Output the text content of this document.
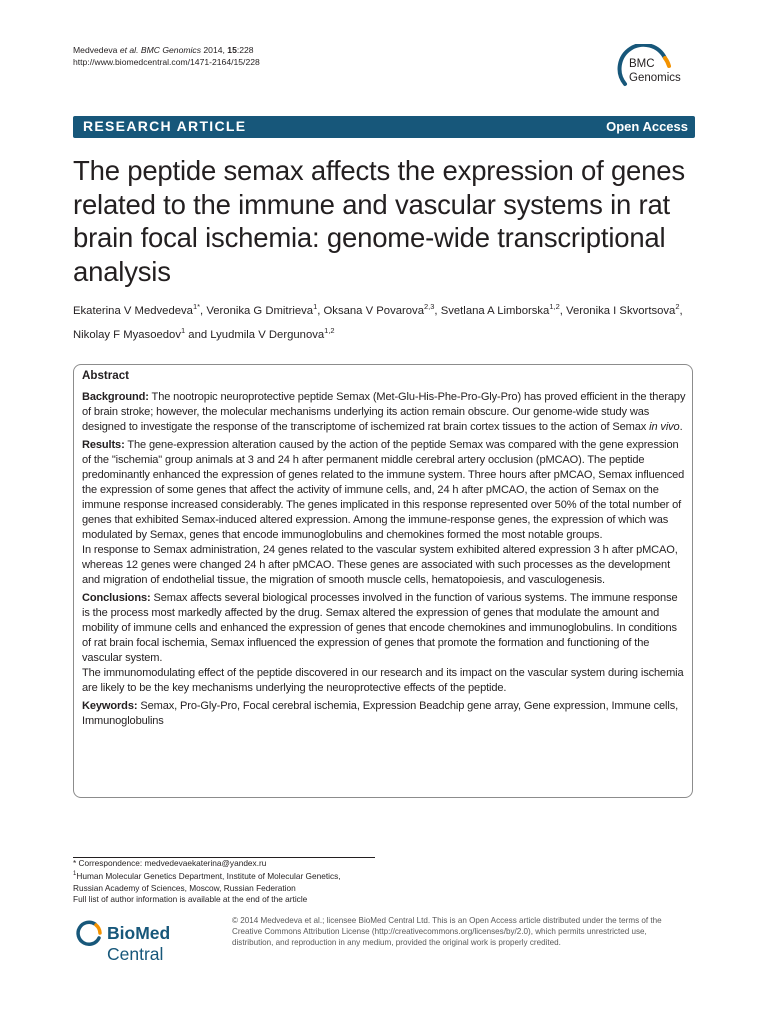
Medvedeva et al. BMC Genomics 2014, 15:228
http://www.biomedcentral.com/1471-2164/15/228	BMC
Genomics
RESEARCH ARTICLE	Open Access
The peptide semax affects the expression of genes related to the immune and vascular systems in rat brain focal ischemia: genome-wide transcriptional analysis
Ekaterina V Medvedeva$^{1*}$, Veronika G Dmitrieva$^1$, Oksana V Povarova$^{2,3}$, Svetlana A Limborska$^{1,2}$, Veronika I Skvortsova$^2$,
Nikolay F Myasoedov$^1$ and Lyudmila V Dergunova$^{1,2}$
Abstract

Background: The nootropic neuroprotective peptide Semax (Met-Glu-His-Phe-Pro-Gly-Pro) has proved efficient in the therapy of brain stroke; however, the molecular mechanisms underlying its action remain obscure. Our genome-wide study was designed to investigate the response of the transcriptome of ischemized rat brain cortex tissues to the action of Semax in vivo.

Results: The gene-expression alteration caused by the action of the peptide Semax was compared with the gene expression of the "ischemia" group animals at 3 and 24 h after permanent middle cerebral artery occlusion (pMCAO). The peptide predominantly enhanced the expression of genes related to the immune system. Three hours after pMCAO, Semax influenced the expression of some genes that affect the activity of immune cells, and, 24 h after pMCAO, the action of Semax on the immune response increased considerably. The genes implicated in this response represented over 50% of the total number of genes that exhibited Semax-induced altered expression. Among the immune-response genes, the expression of which was modulated by Semax, genes that encode immunoglobulins and chemokines formed the most notable groups.

In response to Semax administration, 24 genes related to the vascular system exhibited altered expression 3 h after pMCAO, whereas 12 genes were changed 24 h after pMCAO. These genes are associated with such processes as the development and migration of endothelial tissue, the migration of smooth muscle cells, hematopoiesis, and vasculogenesis.

Conclusions: Semax affects several biological processes involved in the function of various systems. The immune response is the process most markedly affected by the drug. Semax altered the expression of genes that modulate the amount and mobility of immune cells and enhanced the expression of genes that encode chemokines and immunoglobulins. In conditions of rat brain focal ischemia, Semax influenced the expression of genes that promote the formation and functioning of the vascular system.

The immunomodulating effect of the peptide discovered in our research and its impact on the vascular system during ischemia are likely to be the key mechanisms underlying the neuroprotective effects of the peptide.

Keywords: Semax, Pro-Gly-Pro, Focal cerebral ischemia, Expression Beadchip gene array, Gene expression, Immune cells, Immunoglobulins

* Correspondence: medvedevaekaterina@yandex.ru
$^1$Human Molecular Genetics Department, Institute of Molecular Genetics,
Russian Academy of Sciences, Moscow, Russian Federation
Full list of author information is available at the end of the article
BioMed Central
© 2014 Medvedeva et al.; licensee BioMed Central Ltd. This is an Open Access article distributed under the terms of the
Creative Commons Attribution License (http://creativecommons.org/licenses/by/2.0), which permits unrestricted use,
distribution, and reproduction in any medium, provided the original work is properly credited.
